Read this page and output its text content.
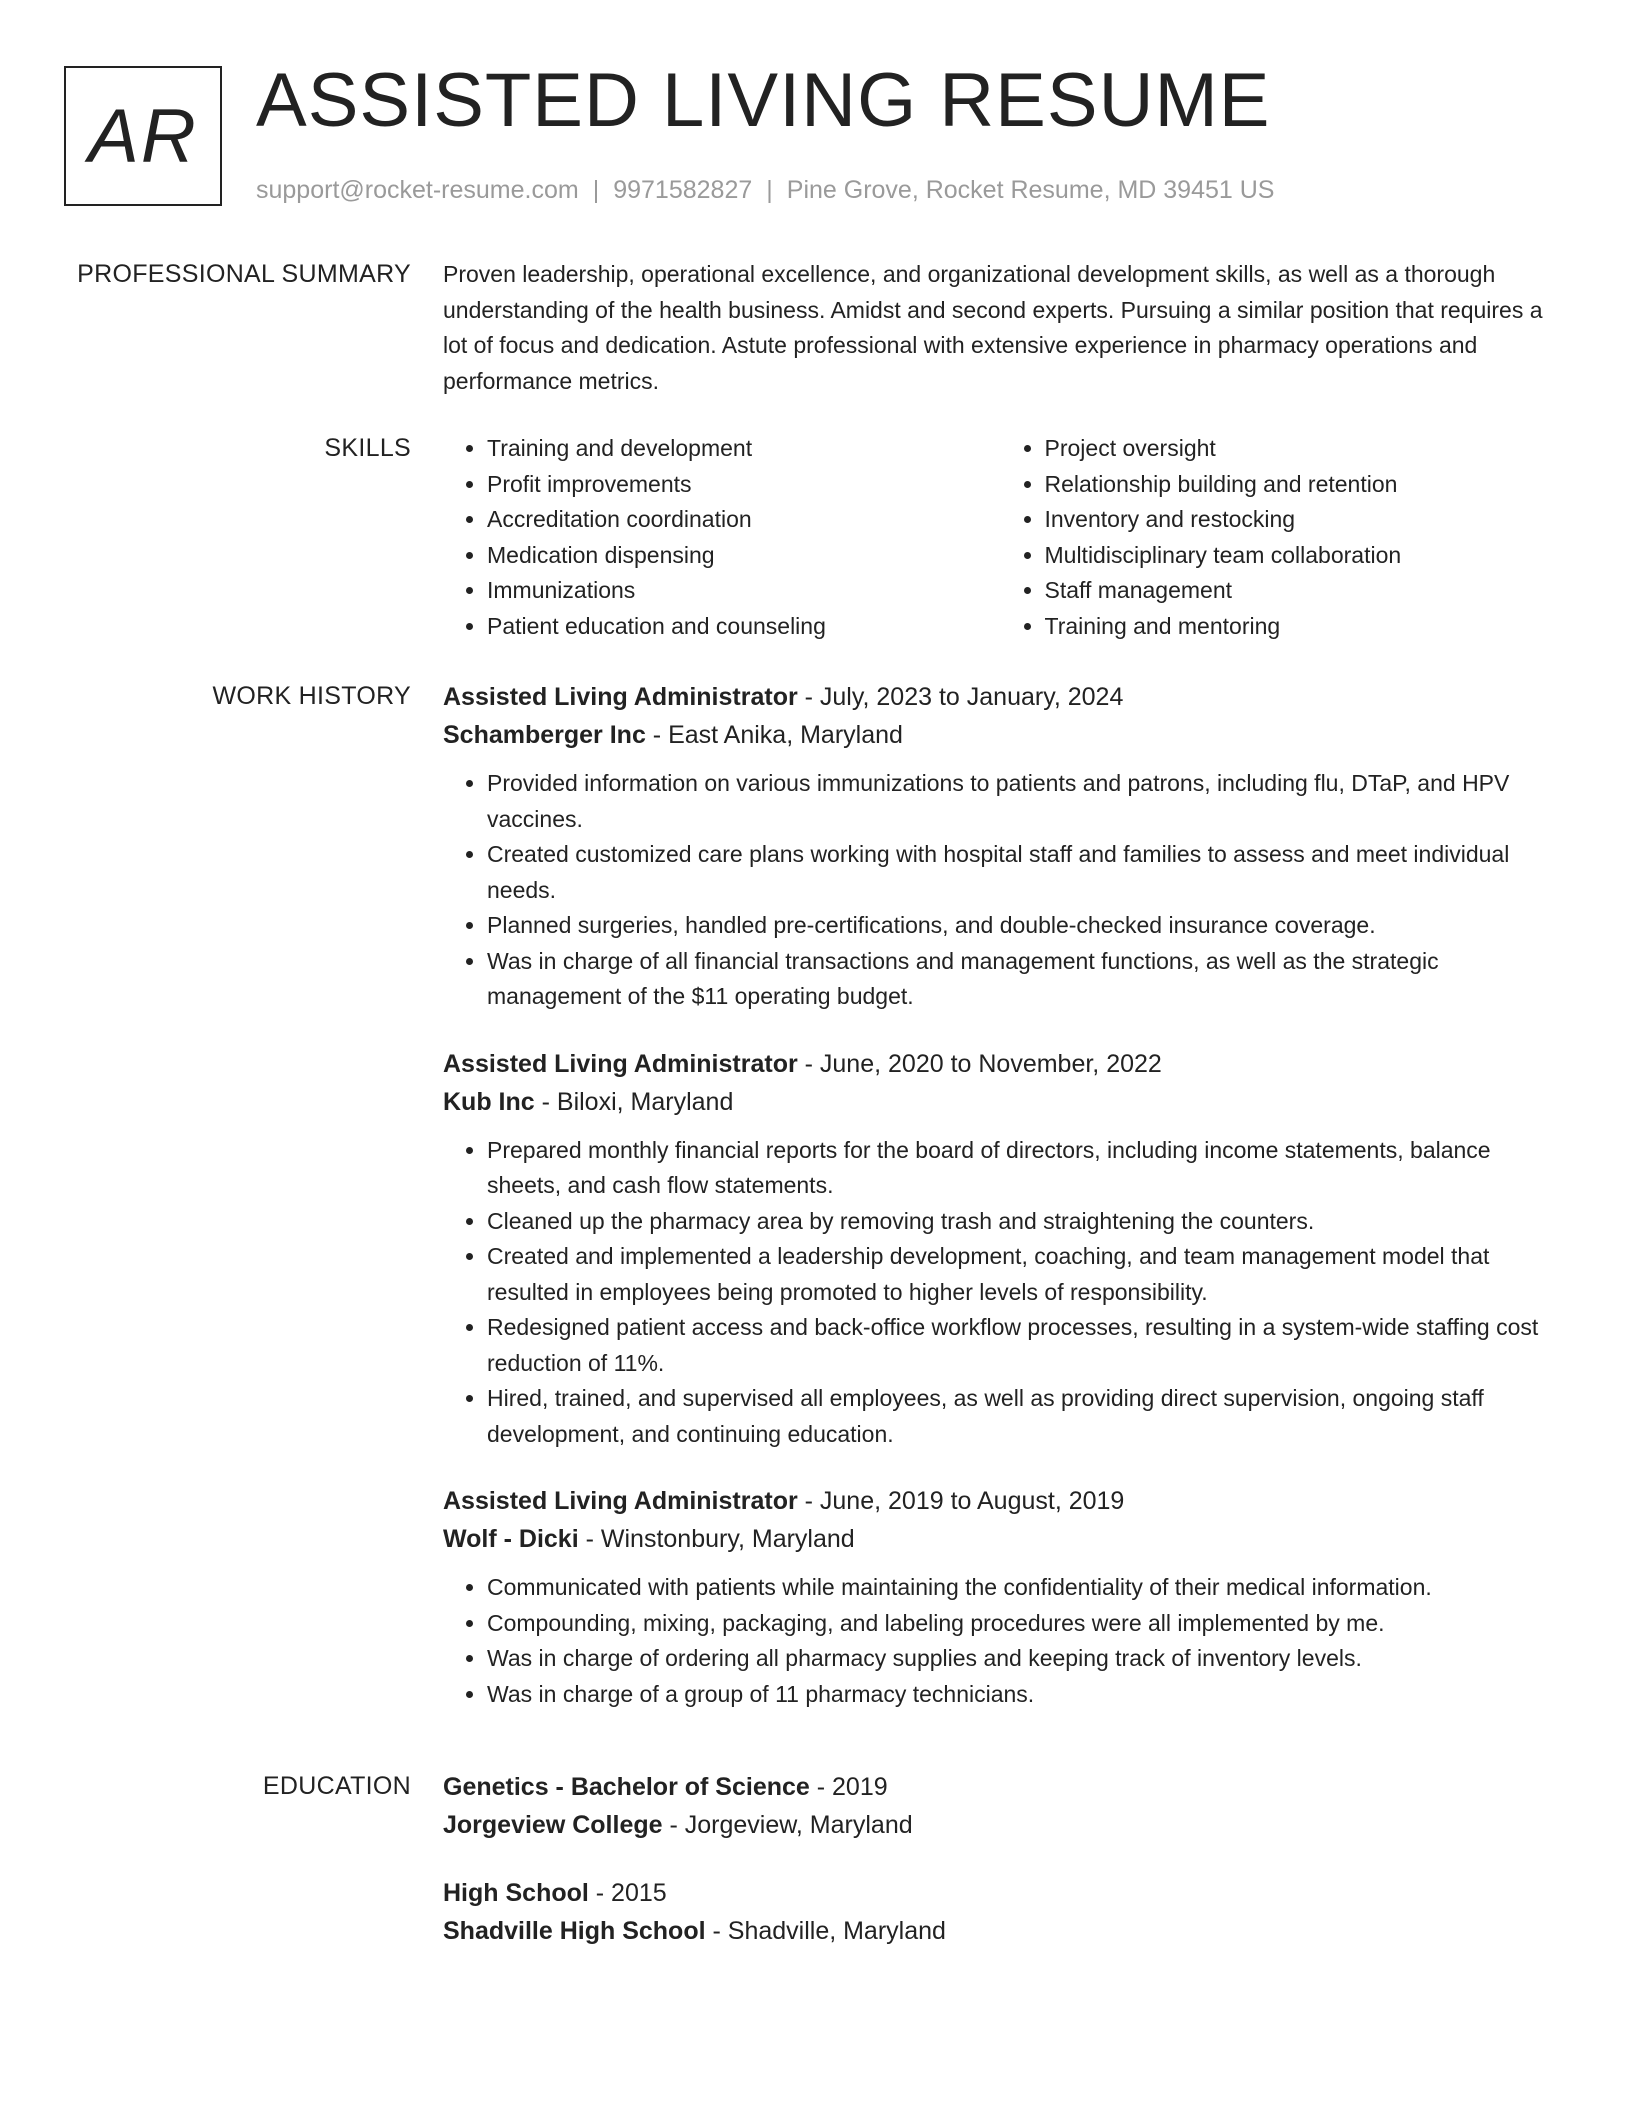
AR ASSISTED LIVING RESUME
support@rocket-resume.com | 9971582827 | Pine Grove, Rocket Resume, MD 39451 US
PROFESSIONAL SUMMARY Proven leadership, operational excellence, and organizational development skills, as well as a thorough understanding of the health business. Amidst and second experts. Pursuing a similar position that requires a lot of focus and dedication. Astute professional with extensive experience in pharmacy operations and performance metrics.

SKILLS
•	Training and development
• Profit improvements
• Accreditation coordination
• Medication dispensing
• Immunizations
• Patient education and counseling
• Project oversight
• Relationship building and retention
• Inventory and restocking
• Multidisciplinary team collaboration
• Staff management
• Training and mentoring
WORK HISTORY Assisted Living Administrator - July, 2023 to January, 2024
Schamberger Inc - East Anika, Maryland
• Provided information on various immunizations to patients and patrons, including flu, DTaP, and HPV vaccines.
• Created customized care plans working with hospital staff and families to assess and meet individual needs.
• Planned surgeries, handled pre-certifications, and double-checked insurance coverage.
• Was in charge of all financial transactions and management functions, as well as the strategic management of the $11 operating budget.
Assisted Living Administrator - June, 2020 to November, 2022
Kub Inc - Biloxi, Maryland
• Prepared monthly financial reports for the board of directors, including income statements, balance sheets, and cash flow statements.
• Cleaned up the pharmacy area by removing trash and straightening the counters.
• Created and implemented a leadership development, coaching, and team management model that resulted in employees being promoted to higher levels of responsibility.
• Redesigned patient access and back-office workflow processes, resulting in a system-wide staffing cost reduction of 11%.
• Hired, trained, and supervised all employees, as well as providing direct supervision, ongoing staff development, and continuing education.
Assisted Living Administrator - June, 2019 to August, 2019
Wolf - Dicki - Winstonbury, Maryland
• Communicated with patients while maintaining the confidentiality of their medical information.
• Compounding, mixing, packaging, and labeling procedures were all implemented by me.
• Was in charge of ordering all pharmacy supplies and keeping track of inventory levels.
• Was in charge of a group of 11 pharmacy technicians.
EDUCATION Genetics - Bachelor of Science - 2019
Jorgeview College - Jorgeview, Maryland
High School - 2015
Shadville High School - Shadville, Maryland
